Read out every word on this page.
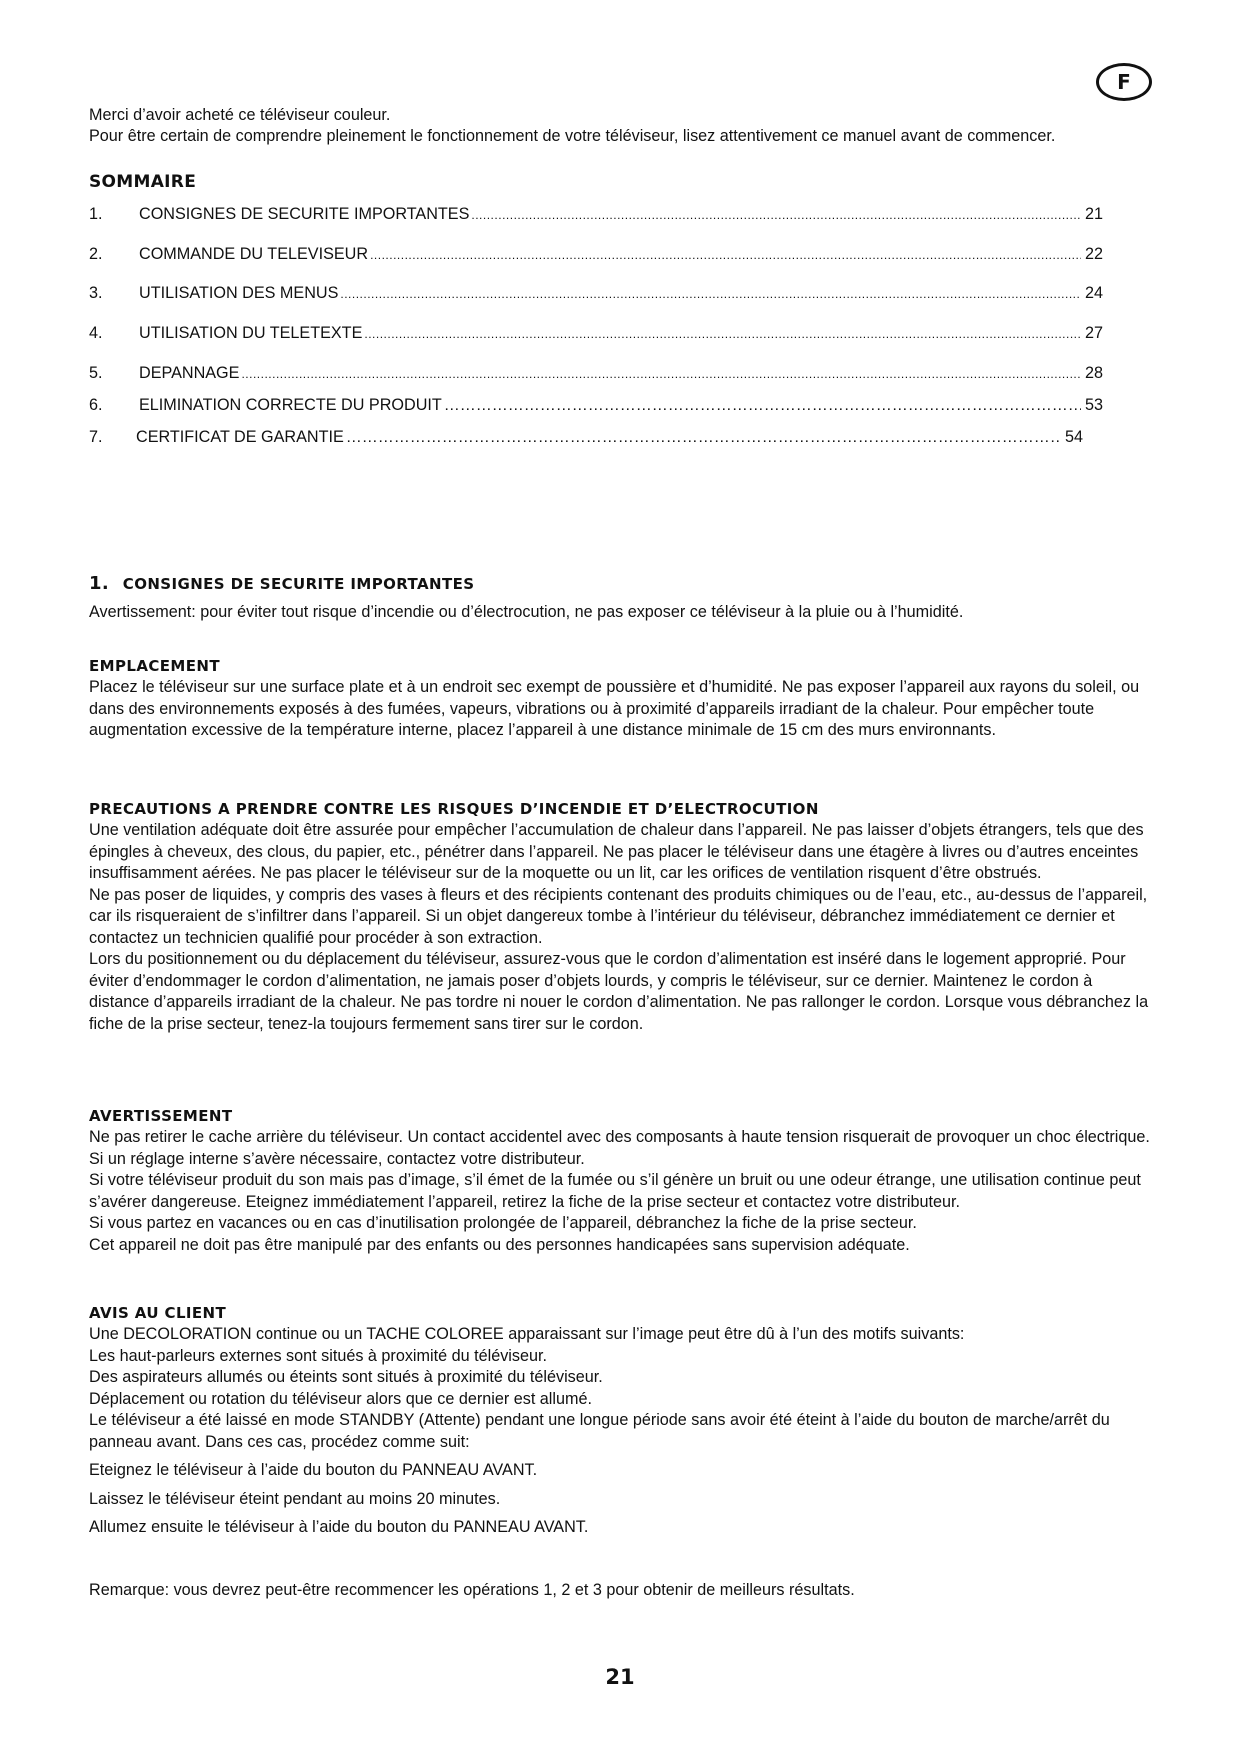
F

Merci d’avoir acheté ce téléviseur couleur.

Pour être certain de comprendre pleinement le fonctionnement de votre téléviseur, lisez attentivement ce manuel avant de commencer.

SOMMAIRE
1.	CONSIGNES DE SECURITE IMPORTANTES .....	21
2.	COMMANDE DU TELEVISEUR .....	22
3.	UTILISATION DES MENUS .....	24
4.	UTILISATION DU TELETEXTE .....	27
5.	DEPANNAGE .....	28
6.	ELIMINATION CORRECTE DU PRODUIT ………………………………………………………………………………………………………………………………………………………………………………………………………………………	53
7.	CERTIFICAT DE GARANTIE ………………………………………………………………………………………………………………………………………………………………………………………………………………………	54
1. CONSIGNES DE SECURITE IMPORTANTES

Avertissement: pour éviter tout risque d’incendie ou d’électrocution, ne pas exposer ce téléviseur à la pluie ou à l’humidité.

EMPLACEMENT

Placez le téléviseur sur une surface plate et à un endroit sec exempt de poussière et d’humidité. Ne pas exposer l’appareil aux rayons du soleil, ou dans des environnements exposés à des fumées, vapeurs, vibrations ou à proximité d’appareils irradiant de la chaleur. Pour empêcher toute augmentation excessive de la température interne, placez l’appareil à une distance minimale de 15 cm des murs environnants.

PRECAUTIONS A PRENDRE CONTRE LES RISQUES D’INCENDIE ET D’ELECTROCUTION

Une ventilation adéquate doit être assurée pour empêcher l’accumulation de chaleur dans l’appareil. Ne pas laisser d’objets étrangers, tels que des épingles à cheveux, des clous, du papier, etc., pénétrer dans l’appareil. Ne pas placer le téléviseur dans une étagère à livres ou d’autres enceintes insuffisamment aérées. Ne pas placer le téléviseur sur de la moquette ou un lit, car les orifices de ventilation risquent d’être obstrués.

Ne pas poser de liquides, y compris des vases à fleurs et des récipients contenant des produits chimiques ou de l’eau, etc., au-dessus de l’appareil, car ils risqueraient de s’infiltrer dans l’appareil. Si un objet dangereux tombe à l’intérieur du téléviseur, débranchez immédiatement ce dernier et contactez un technicien qualifié pour procéder à son extraction.

Lors du positionnement ou du déplacement du téléviseur, assurez-vous que le cordon d’alimentation est inséré dans le logement approprié. Pour éviter d’endommager le cordon d’alimentation, ne jamais poser d’objets lourds, y compris le téléviseur, sur ce dernier. Maintenez le cordon à distance d’appareils irradiant de la chaleur. Ne pas tordre ni nouer le cordon d’alimentation. Ne pas rallonger le cordon. Lorsque vous débranchez la fiche de la prise secteur, tenez-la toujours fermement sans tirer sur le cordon.

AVERTISSEMENT

Ne pas retirer le cache arrière du téléviseur. Un contact accidentel avec des composants à haute tension risquerait de provoquer un choc électrique. Si un réglage interne s’avère nécessaire, contactez votre distributeur.

Si votre téléviseur produit du son mais pas d’image, s’il émet de la fumée ou s’il génère un bruit ou une odeur étrange, une utilisation continue peut s’avérer dangereuse. Eteignez immédiatement l’appareil, retirez la fiche de la prise secteur et contactez votre distributeur.

Si vous partez en vacances ou en cas d’inutilisation prolongée de l’appareil, débranchez la fiche de la prise secteur.

Cet appareil ne doit pas être manipulé par des enfants ou des personnes handicapées sans supervision adéquate.

AVIS AU CLIENT

Une DECOLORATION continue ou un TACHE COLOREE apparaissant sur l’image peut être dû à l’un des motifs suivants:

Les haut-parleurs externes sont situés à proximité du téléviseur.

Des aspirateurs allumés ou éteints sont situés à proximité du téléviseur.

Déplacement ou rotation du téléviseur alors que ce dernier est allumé.

Le téléviseur a été laissé en mode STANDBY (Attente) pendant une longue période sans avoir été éteint à l’aide du bouton de marche/arrêt du panneau avant. Dans ces cas, procédez comme suit:

Eteignez le téléviseur à l’aide du bouton du PANNEAU AVANT.

Laissez le téléviseur éteint pendant au moins 20 minutes.

Allumez ensuite le téléviseur à l’aide du bouton du PANNEAU AVANT.

Remarque: vous devrez peut-être recommencer les opérations 1, 2 et 3 pour obtenir de meilleurs résultats.

21
